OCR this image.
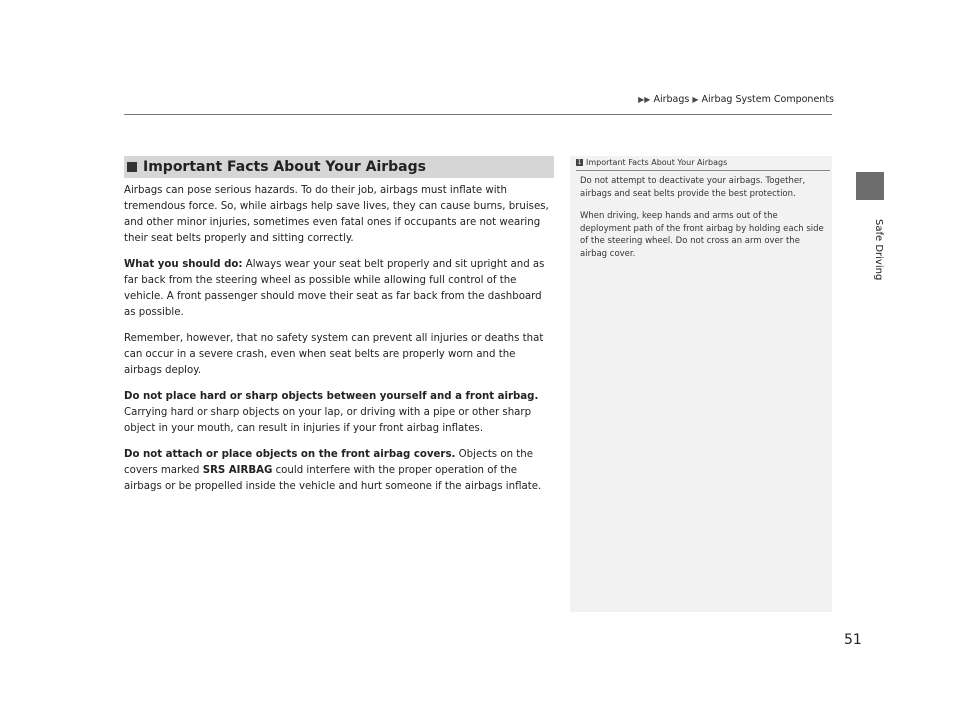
▶▶ Airbags ▶ Airbag System Components
Safe Driving
Important Facts About Your Airbags

Airbags can pose serious hazards. To do their job, airbags must inflate with tremendous force. So, while airbags help save lives, they can cause burns, bruises, and other minor injuries, sometimes even fatal ones if occupants are not wearing their seat belts properly and sitting correctly.

What you should do: Always wear your seat belt properly and sit upright and as far back from the steering wheel as possible while allowing full control of the vehicle. A front passenger should move their seat as far back from the dashboard as possible.

Remember, however, that no safety system can prevent all injuries or deaths that can occur in a severe crash, even when seat belts are properly worn and the airbags deploy.

Do not place hard or sharp objects between yourself and a front airbag.
Carrying hard or sharp objects on your lap, or driving with a pipe or other sharp object in your mouth, can result in injuries if your front airbag inflates.

Do not attach or place objects on the front airbag covers. Objects on the covers marked SRS AIRBAG could interfere with the proper operation of the airbags or be propelled inside the vehicle and hurt someone if the airbags inflate.

1 Important Facts About Your Airbags

Do not attempt to deactivate your airbags. Together, airbags and seat belts provide the best protection.

When driving, keep hands and arms out of the deployment path of the front airbag by holding each side of the steering wheel. Do not cross an arm over the airbag cover.

51
